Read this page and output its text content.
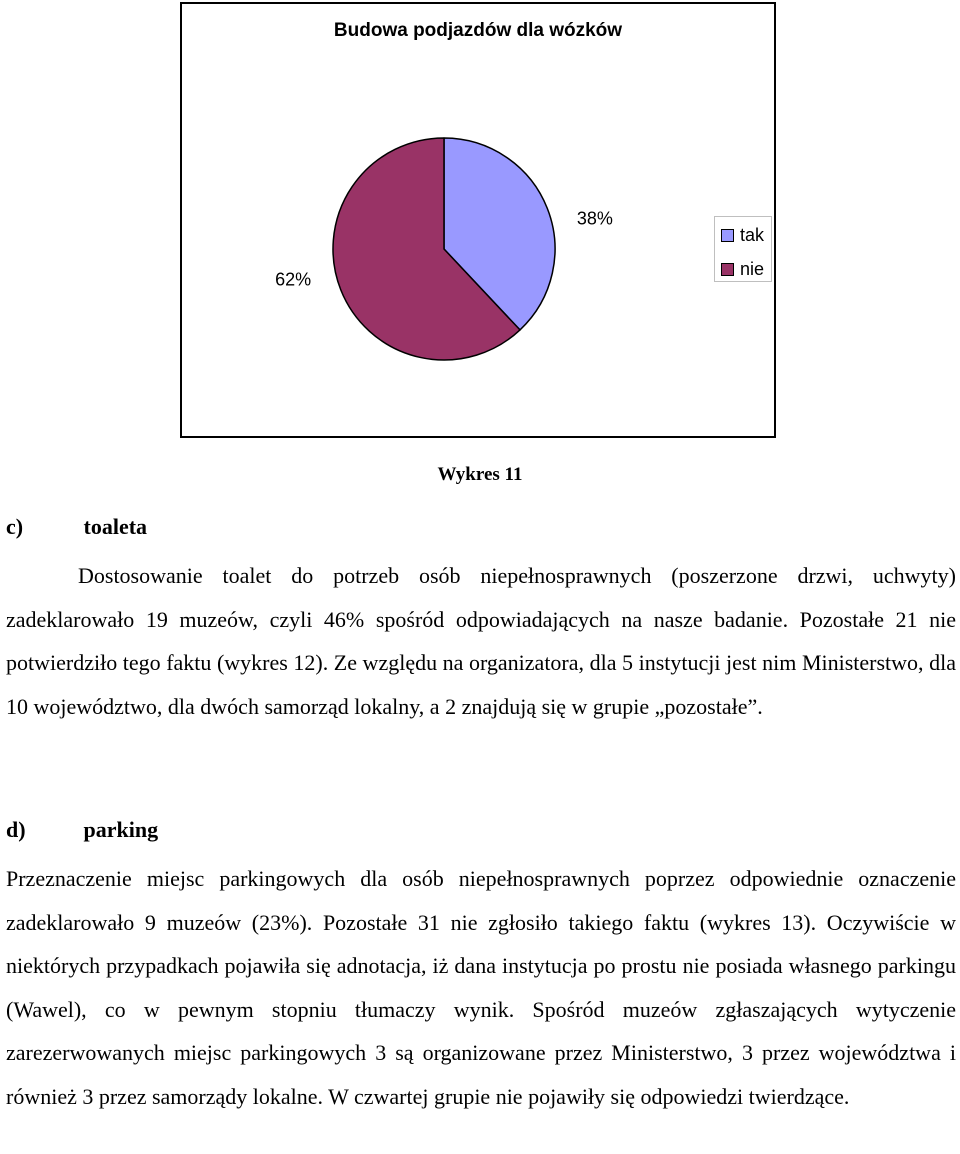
Budowa podjazdów dla wózków
38%
62%
tak
nie
Wykres 11
c)	toaleta

Dostosowanie toalet do potrzeb osób niepełnosprawnych (poszerzone drzwi, uchwyty) zadeklarowało 19 muzeów, czyli 46% spośród odpowiadających na nasze badanie. Pozostałe 21 nie potwierdziło tego faktu (wykres 12). Ze względu na organizatora, dla 5 instytucji jest nim Ministerstwo, dla 10 województwo, dla dwóch samorząd lokalny, a 2 znajdują się w grupie „pozostałe”.

d)	parking

Przeznaczenie miejsc parkingowych dla osób niepełnosprawnych poprzez odpowiednie oznaczenie zadeklarowało 9 muzeów (23%). Pozostałe 31 nie zgłosiło takiego faktu (wykres 13). Oczywiście w niektórych przypadkach pojawiła się adnotacja, iż dana instytucja po prostu nie posiada własnego parkingu (Wawel), co w pewnym stopniu tłumaczy wynik. Spośród muzeów zgłaszających wytyczenie zarezerwowanych miejsc parkingowych 3 są organizowane przez Ministerstwo, 3 przez województwa i również 3 przez samorządy lokalne. W czwartej grupie nie pojawiły się odpowiedzi twierdzące.
